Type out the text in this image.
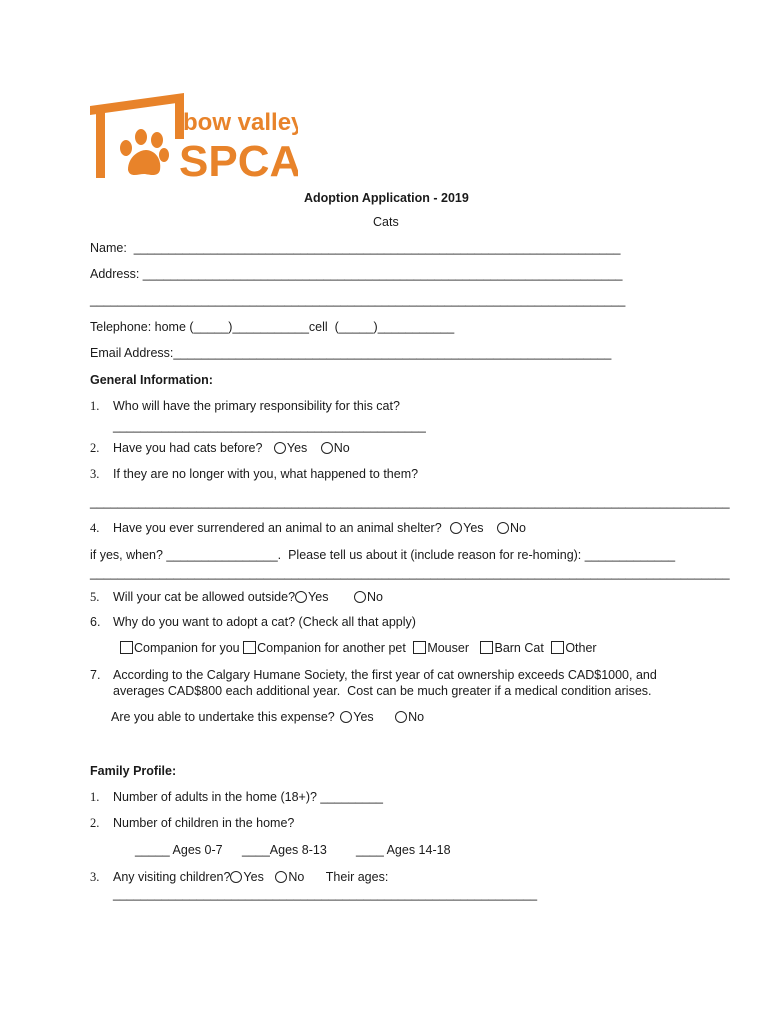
bow valley
SPCA
Adoption Application - 2019
Cats
Name:  ______________________________________________________________________
Address: _____________________________________________________________________
_____________________________________________________________________________
Telephone: home (_____)___________cell  (_____)___________
Email Address:_______________________________________________________________
General Information:
1. Who will have the primary responsibility for this cat?
_____________________________________________
2. Have you had cats before? Yes No
3. If they are no longer with you, what happened to them?
____________________________________________________________________________________________
4. Have you ever surrendered an animal to an animal shelter? Yes No
if yes, when? ________________.  Please tell us about it (include reason for re-homing): _____________
____________________________________________________________________________________________
5. Will your cat be allowed outside? Yes	No
6. Why do you want to adopt a cat? (Check all that apply)
Companion for you Companion for another pet Mouser Barn Cat Other
7. According to the Calgary Humane Society, the first year of cat ownership exceeds CAD$1000, and
averages CAD$800 each additional year.  Cost can be much greater if a medical condition arises.
Are you able to undertake this expense? Yes	No
Family Profile:
1. Number of adults in the home (18+)? _________
2. Number of children in the home?
_____ Ages 0-7 ____Ages 8-13 ____ Ages 14-18
3. Any visiting children? Yes No Their ages:
_____________________________________________________________
